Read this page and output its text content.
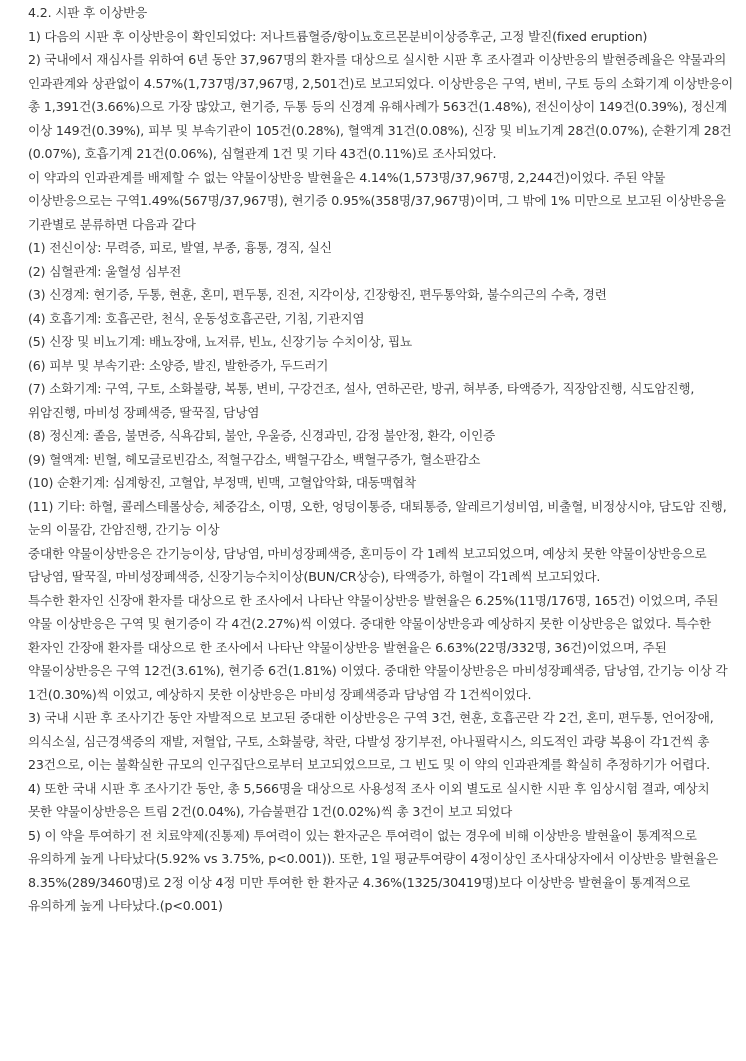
4.2. 시판 후 이상반응

1) 다음의 시판 후 이상반응이 확인되었다: 저나트륨혈증/항이뇨호르몬분비이상증후군, 고정 발진(fixed eruption)

2) 국내에서 재심사를 위하여 6년 동안 37,967명의 환자를 대상으로 실시한 시판 후 조사결과 이상반응의 발현증례율은 약물과의 인과관계와 상관없이 4.57%(1,737명/37,967명, 2,501건)로 보고되었다. 이상반응은 구역, 변비, 구토 등의 소화기계 이상반응이 총 1,391건(3.66%)으로 가장 많았고, 현기증, 두통 등의 신경계 유해사례가 563건(1.48%), 전신이상이 149건(0.39%), 정신계 이상 149건(0.39%), 피부 및 부속기관이 105건(0.28%), 혈액계 31건(0.08%), 신장 및 비뇨기계 28건(0.07%), 순환기계 28건(0.07%), 호흡기계 21건(0.06%), 심혈관계 1건 및 기타 43건(0.11%)로 조사되었다.

이 약과의 인과관계를 배제할 수 없는 약물이상반응 발현율은 4.14%(1,573명/37,967명, 2,244건)이었다. 주된 약물 이상반응으로는 구역1.49%(567명/37,967명), 현기증 0.95%(358명/37,967명)이며, 그 밖에 1% 미만으로 보고된 이상반응을 기관별로 분류하면 다음과 같다

(1) 전신이상: 무력증, 피로, 발열, 부종, 흉통, 경직, 실신

(2) 심혈관계: 울혈성 심부전

(3) 신경계: 현기증, 두통, 현훈, 혼미, 편두통, 진전, 지각이상, 긴장항진, 편두통악화, 불수의근의 수축, 경련

(4) 호흡기계: 호흡곤란, 천식, 운동성호흡곤란, 기침, 기관지염

(5) 신장 및 비뇨기계: 배뇨장애, 뇨저류, 빈뇨, 신장기능 수치이상, 핍뇨

(6) 피부 및 부속기관: 소양증, 발진, 발한증가, 두드러기

(7) 소화기계: 구역, 구토, 소화불량, 복통, 변비, 구강건조, 설사, 연하곤란, 방귀, 혀부종, 타액증가, 직장암진행, 식도암진행, 위암진행, 마비성 장폐색증, 딸꾹질, 담낭염

(8) 정신계: 졸음, 불면증, 식욕감퇴, 불안, 우울증, 신경과민, 감정 불안정, 환각, 이인증

(9) 혈액계: 빈혈, 헤모글로빈감소, 적혈구감소, 백혈구감소, 백혈구증가, 혈소판감소

(10) 순환기계: 심계항진, 고혈압, 부정맥, 빈맥, 고혈압악화, 대동맥협착

(11) 기타: 하혈, 콜레스테롤상승, 체중감소, 이명, 오한, 엉덩이통증, 대퇴통증, 알레르기성비염, 비출혈, 비정상시야, 담도암 진행, 눈의 이물감, 간암진행, 간기능 이상

중대한 약물이상반응은 간기능이상, 담낭염, 마비성장폐색증, 혼미등이 각 1례씩 보고되었으며, 예상치 못한 약물이상반응으로 담낭염, 딸꾹질, 마비성장폐색증, 신장기능수치이상(BUN/CR상승), 타액증가, 하혈이 각1례씩 보고되었다.

특수한 환자인 신장애 환자를 대상으로 한 조사에서 나타난 약물이상반응 발현율은 6.25%(11명/176명, 165건) 이었으며, 주된 약물 이상반응은 구역 및 현기증이 각 4건(2.27%)씩 이였다. 중대한 약물이상반응과 예상하지 못한 이상반응은 없었다. 특수한 환자인 간장애 환자를 대상으로 한 조사에서 나타난 약물이상반응 발현율은 6.63%(22명/332명, 36건)이었으며, 주된 약물이상반응은 구역 12건(3.61%), 현기증 6건(1.81%) 이였다. 중대한 약물이상반응은 마비성장폐색증, 담낭염, 간기능 이상 각 1건(0.30%)씩 이었고, 예상하지 못한 이상반응은 마비성 장폐색증과 담낭염 각 1건씩이었다.

3) 국내 시판 후 조사기간 동안 자발적으로 보고된 중대한 이상반응은 구역 3건, 현훈, 호흡곤란 각 2건, 혼미, 편두통, 언어장애, 의식소실, 심근경색증의 재발, 저혈압, 구토, 소화불량, 착란, 다발성 장기부전, 아나필락시스, 의도적인 과량 복용이 각1건씩 총 23건으로, 이는 불확실한 규모의 인구집단으로부터 보고되었으므로, 그 빈도 및 이 약의 인과관계를 확실히 추정하기가 어렵다.

4) 또한 국내 시판 후 조사기간 동안, 총 5,566명을 대상으로 사용성적 조사 이외 별도로 실시한 시판 후 임상시험 결과, 예상치 못한 약물이상반응은 트림 2건(0.04%), 가슴불편감 1건(0.02%)씩 총 3건이 보고 되었다

5) 이 약을 투여하기 전 치료약제(진통제) 투여력이 있는 환자군은 투여력이 없는 경우에 비해 이상반응 발현율이 통계적으로 유의하게 높게 나타났다(5.92% vs 3.75%, p<0.001)). 또한, 1일 평균투여량이 4정이상인 조사대상자에서 이상반응 발현율은 8.35%(289/3460명)로 2정 이상 4정 미만 투여한 한 환자군 4.36%(1325/30419명)보다 이상반응 발현율이 통계적으로 유의하게 높게 나타났다.(p<0.001)
